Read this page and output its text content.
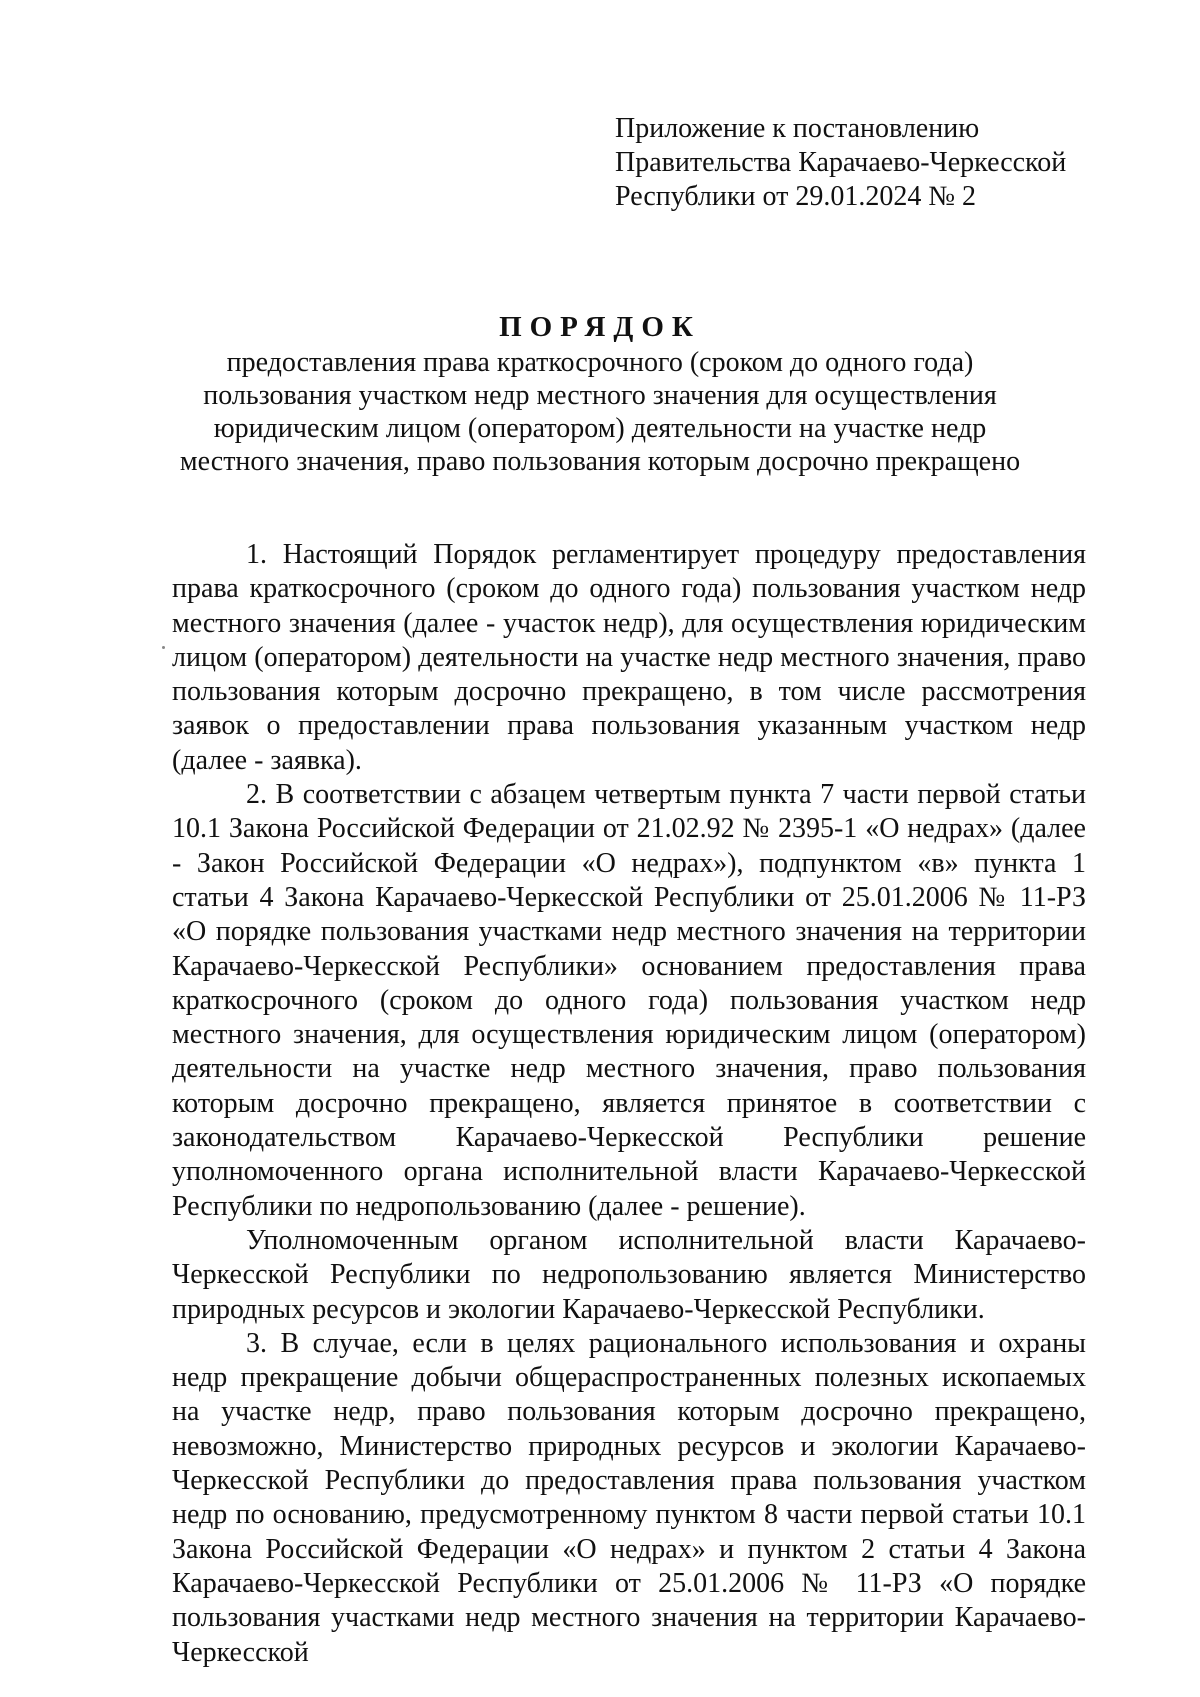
Приложение к постановлению
Правительства Карачаево-Черкесской
Республики от 29.01.2024 № 2
ПОРЯДОК
предоставления права краткосрочного (сроком до одного года)
пользования участком недр местного значения для осуществления
юридическим лицом (оператором) деятельности на участке недр
местного значения, право пользования которым досрочно прекращено

1. Настоящий Порядок регламентирует процедуру предоставления права краткосрочного (сроком до одного года) пользования участком недр местного значения (далее - участок недр), для осуществления юридическим лицом (оператором) деятельности на участке недр местного значения, право пользования которым досрочно прекращено, в том числе рассмотрения заявок о предоставлении права пользования указанным участком недр (далее - заявка).

2. В соответствии с абзацем четвертым пункта 7 части первой статьи 10.1 Закона Российской Федерации от 21.02.92 № 2395-1 «О недрах» (далее - Закон Российской Федерации «О недрах»), подпунктом «в» пункта 1 статьи 4 Закона Карачаево-Черкесской Республики от 25.01.2006 № 11-РЗ «О порядке пользования участками недр местного значения на территории Карачаево-Черкесской Республики» основанием предоставления права краткосрочного (сроком до одного года) пользования участком недр местного значения, для осуществления юридическим лицом (оператором) деятельности на участке недр местного значения, право пользования которым досрочно прекращено, является принятое в соответствии с законодательством Карачаево-Черкесской Республики решение уполномоченного органа исполнительной власти Карачаево-Черкесской Республики по недропользованию (далее - решение).

Уполномоченным органом исполнительной власти Карачаево-Черкесской Республики по недропользованию является Министерство природных ресурсов и экологии Карачаево-Черкесской Республики.

3. В случае, если в целях рационального использования и охраны недр прекращение добычи общераспространенных полезных ископаемых на участке недр, право пользования которым досрочно прекращено, невозможно, Министерство природных ресурсов и экологии Карачаево-Черкесской Республики до предоставления права пользования участком недр по основанию, предусмотренному пунктом 8 части первой статьи 10.1 Закона Российской Федерации «О недрах» и пунктом 2 статьи 4 Закона Карачаево-Черкесской Республики от 25.01.2006 № 11-РЗ «О порядке пользования участками недр местного значения на территории Карачаево-Черкесской
